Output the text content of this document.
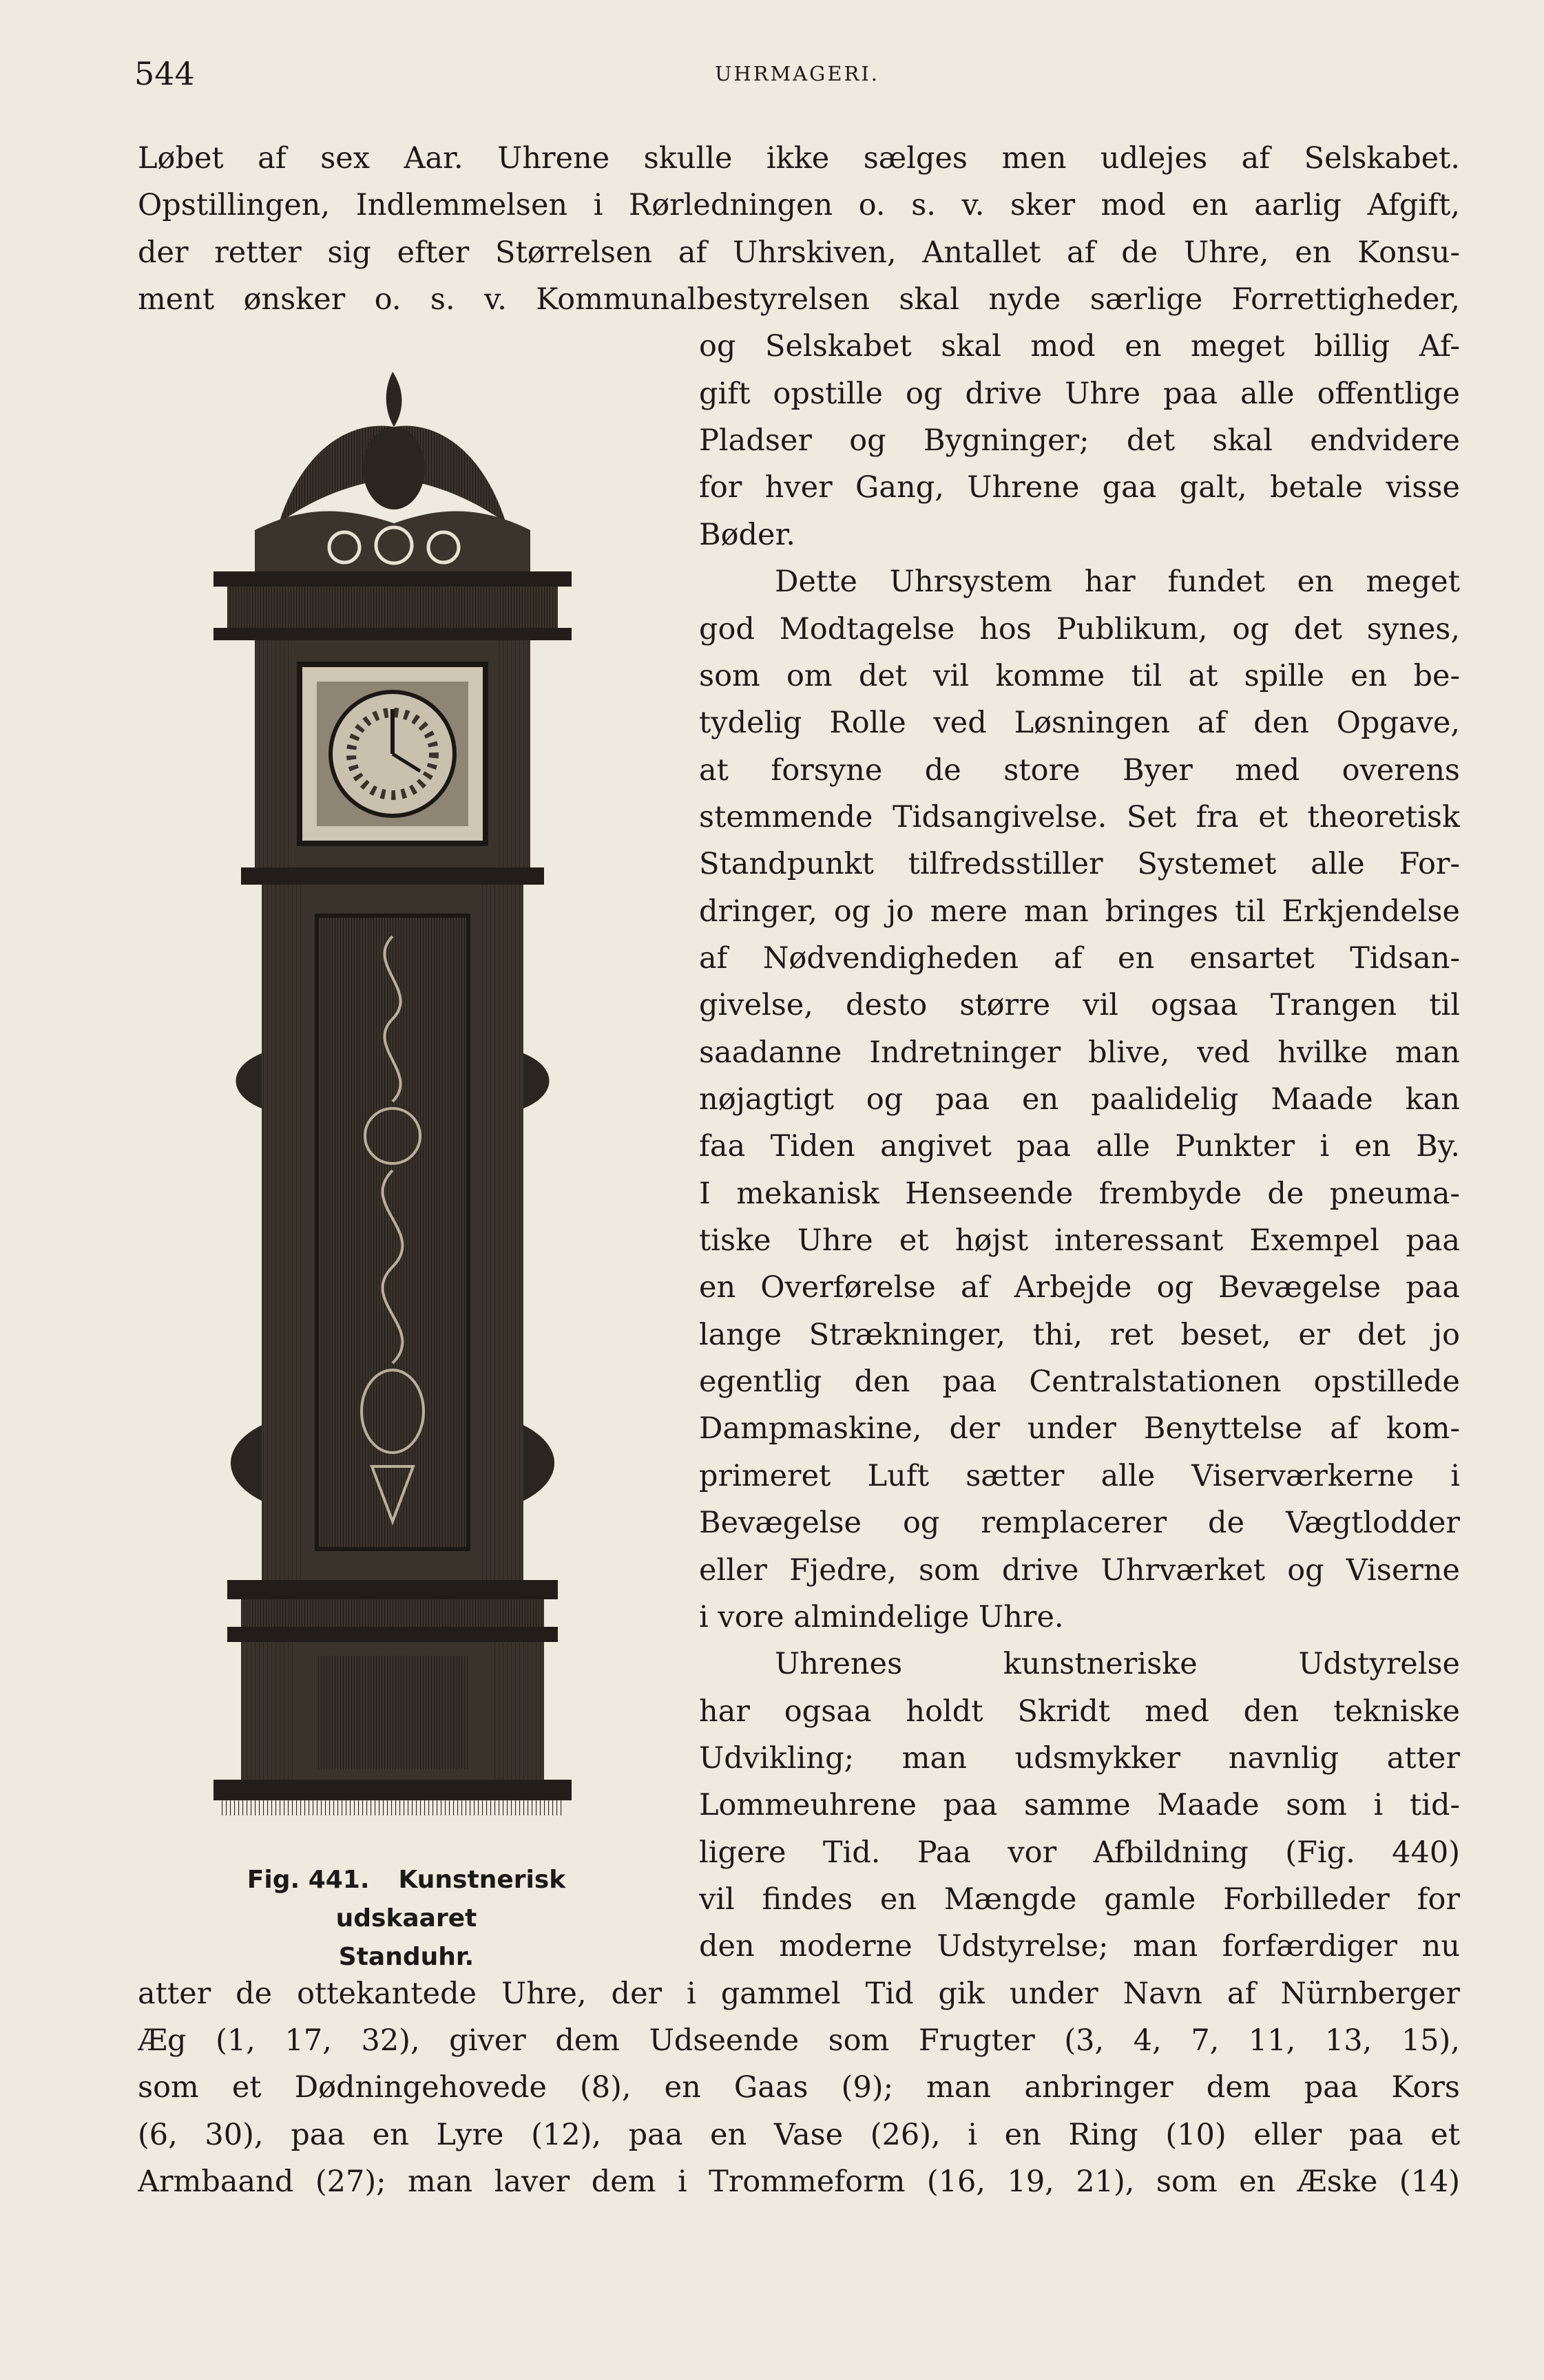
544	UHRMAGERI.
Løbet af sex Aar. Uhrene skulle ikke sælges men udlejes af Selskabet.
Opstillingen, Indlemmelsen i Rørledningen o. s. v. sker mod en aarlig Afgift,
der retter sig efter Størrelsen af Uhrskiven, Antallet af de Uhre, en Konsu-
ment ønsker o. s. v. Kommunalbestyrelsen skal nyde særlige Forrettigheder,
og Selskabet skal mod en meget billig Af-
gift opstille og drive Uhre paa alle offentlige
Pladser og Bygninger; det skal endvidere
for hver Gang, Uhrene gaa galt, betale visse
Bøder.
Dette Uhrsystem har fundet en meget
god Modtagelse hos Publikum, og det synes,
som om det vil komme til at spille en be-
tydelig Rolle ved Løsningen af den Opgave,
at forsyne de store Byer med overens
stemmende Tidsangivelse. Set fra et theoretisk
Standpunkt tilfredsstiller Systemet alle For-
dringer, og jo mere man bringes til Erkjendelse
af Nødvendigheden af en ensartet Tidsan-
givelse, desto større vil ogsaa Trangen til
saadanne Indretninger blive, ved hvilke man
nøjagtigt og paa en paalidelig Maade kan
faa Tiden angivet paa alle Punkter i en By.
I mekanisk Henseende frembyde de pneuma-
tiske Uhre et højst interessant Exempel paa
en Overførelse af Arbejde og Bevægelse paa
lange Strækninger, thi, ret beset, er det jo
egentlig den paa Centralstationen opstillede
Dampmaskine, der under Benyttelse af kom-
primeret Luft sætter alle Viserværkerne i
Bevægelse og remplacerer de Vægtlodder
eller Fjedre, som drive Uhrværket og Viserne
i vore almindelige Uhre.
Uhrenes kunstneriske Udstyrelse
har ogsaa holdt Skridt med den tekniske
Udvikling; man udsmykker navnlig atter
Lommeuhrene paa samme Maade som i tid-
ligere Tid. Paa vor Afbildning (Fig. 440)
vil findes en Mængde gamle Forbilleder for
den moderne Udstyrelse; man forfærdiger nu
atter de ottekantede Uhre, der i gammel Tid gik under Navn af Nürnberger
Æg (1, 17, 32), giver dem Udseende som Frugter (3, 4, 7, 11, 13, 15),
som et Dødningehovede (8), en Gaas (9); man anbringer dem paa Kors
(6, 30), paa en Lyre (12), paa en Vase (26), i en Ring (10) eller paa et
Armbaand (27); man laver dem i Trommeform (16, 19, 21), som en Æske (14)
Fig. 441. Kunstnerisk udskaaret
Standuhr.
